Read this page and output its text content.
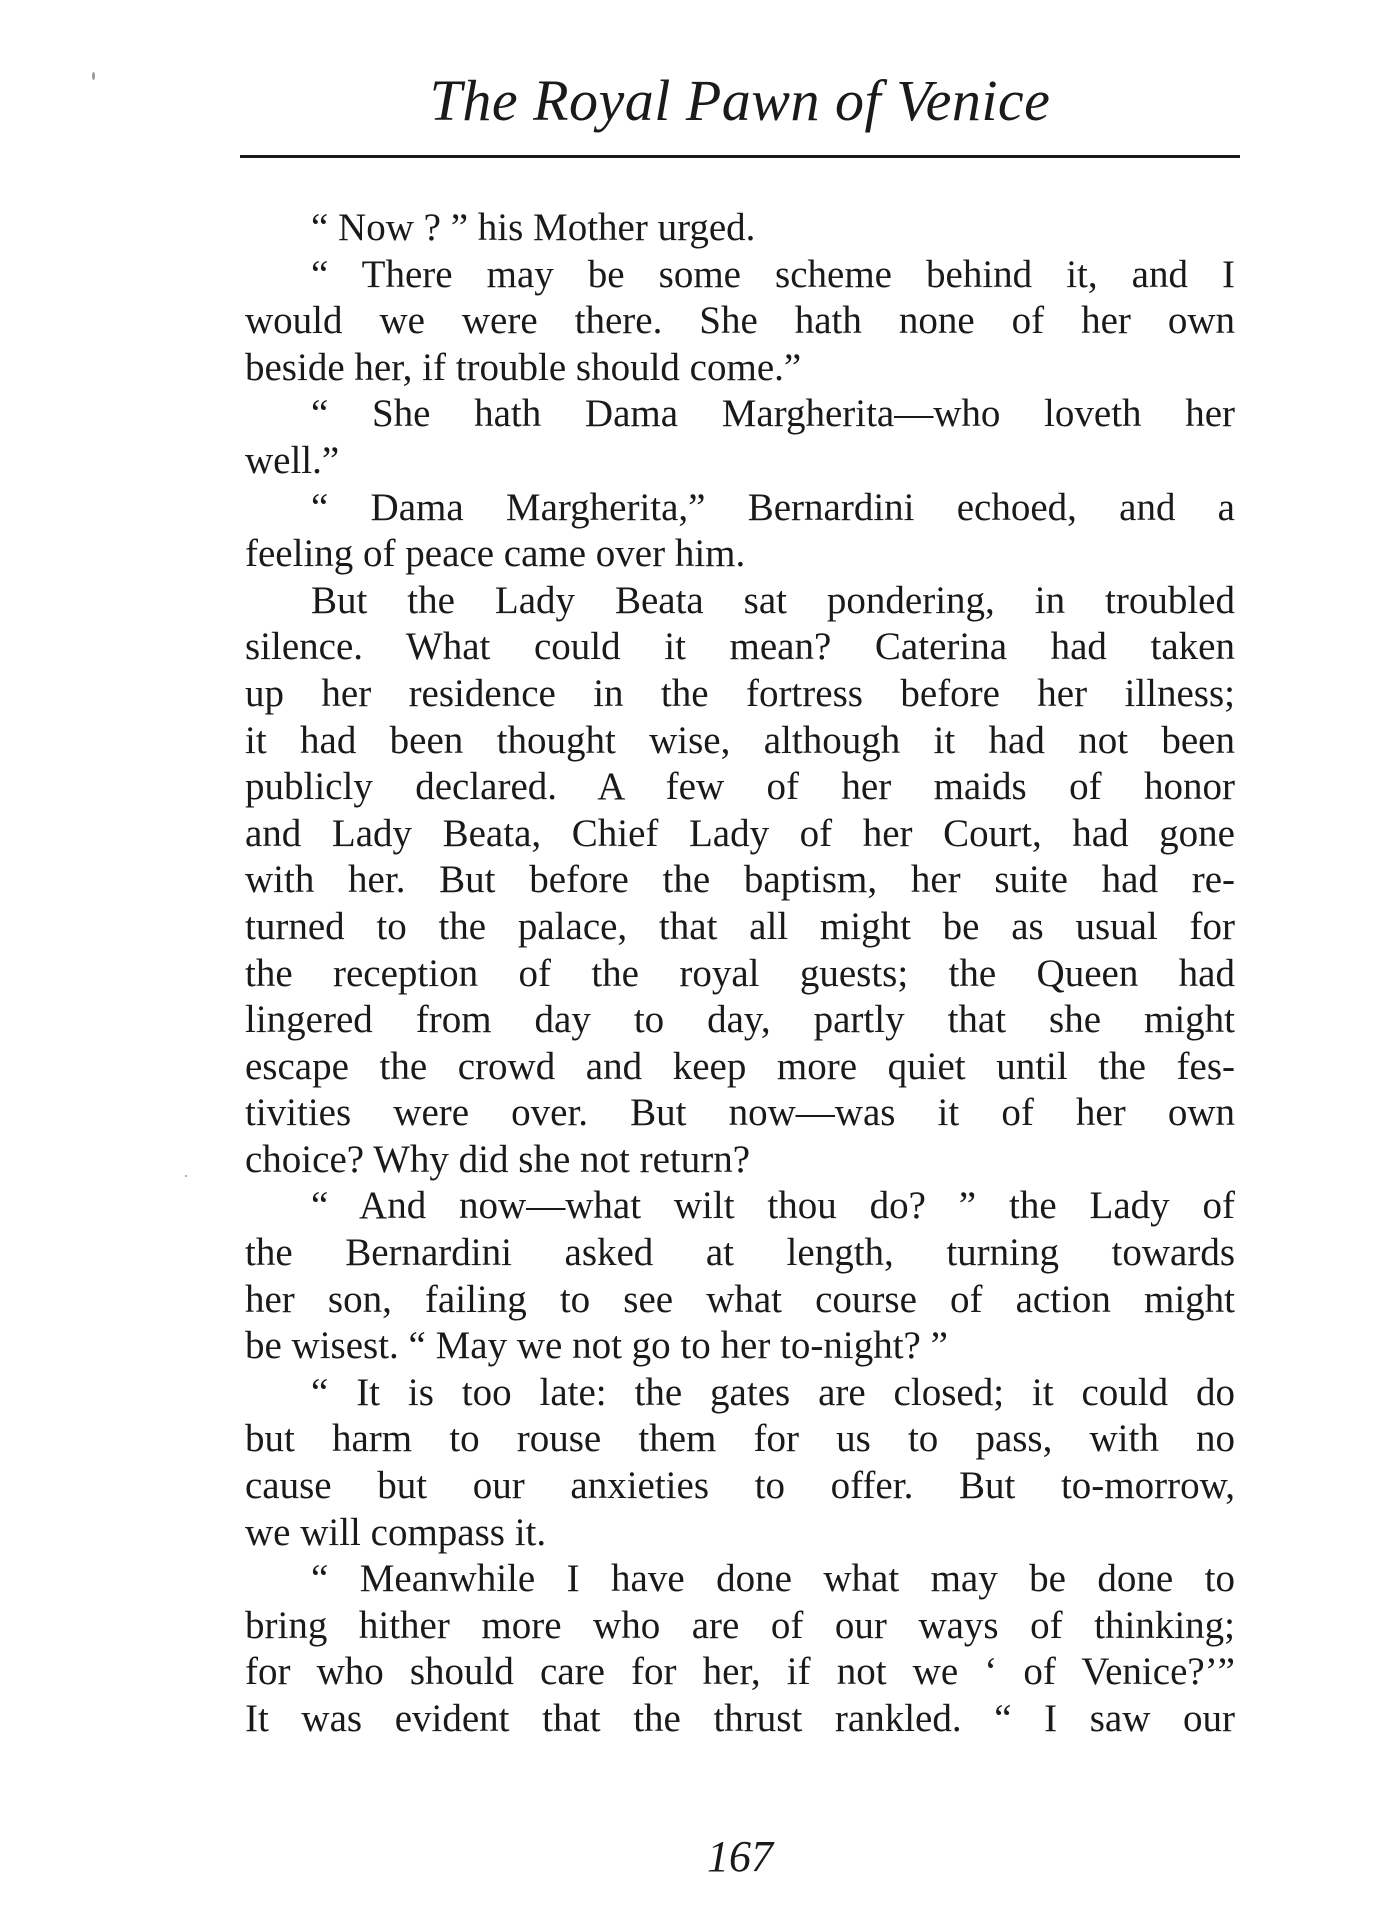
The Royal Pawn of Venice
“ Now ? ” his Mother urged.
“ There may be some scheme behind it, and I
would we were there. She hath none of her own
beside her, if trouble should come.”
“ She hath Dama Margherita—who loveth her
well.”
“ Dama Margherita,” Bernardini echoed, and a
feeling of peace came over him.
But the Lady Beata sat pondering, in troubled
silence. What could it mean? Caterina had taken
up her residence in the fortress before her illness;
it had been thought wise, although it had not been
publicly declared. A few of her maids of honor
and Lady Beata, Chief Lady of her Court, had gone
with her. But before the baptism, her suite had re-
turned to the palace, that all might be as usual for
the reception of the royal guests; the Queen had
lingered from day to day, partly that she might
escape the crowd and keep more quiet until the fes-
tivities were over. But now—was it of her own
choice? Why did she not return?
“ And now—what wilt thou do? ” the Lady of
the Bernardini asked at length, turning towards
her son, failing to see what course of action might
be wisest. “ May we not go to her to-night? ”
“ It is too late: the gates are closed; it could do
but harm to rouse them for us to pass, with no
cause but our anxieties to offer. But to-morrow,
we will compass it.
“ Meanwhile I have done what may be done to
bring hither more who are of our ways of thinking;
for who should care for her, if not we ‘ of Venice?’”
It was evident that the thrust rankled. “ I saw our
167
